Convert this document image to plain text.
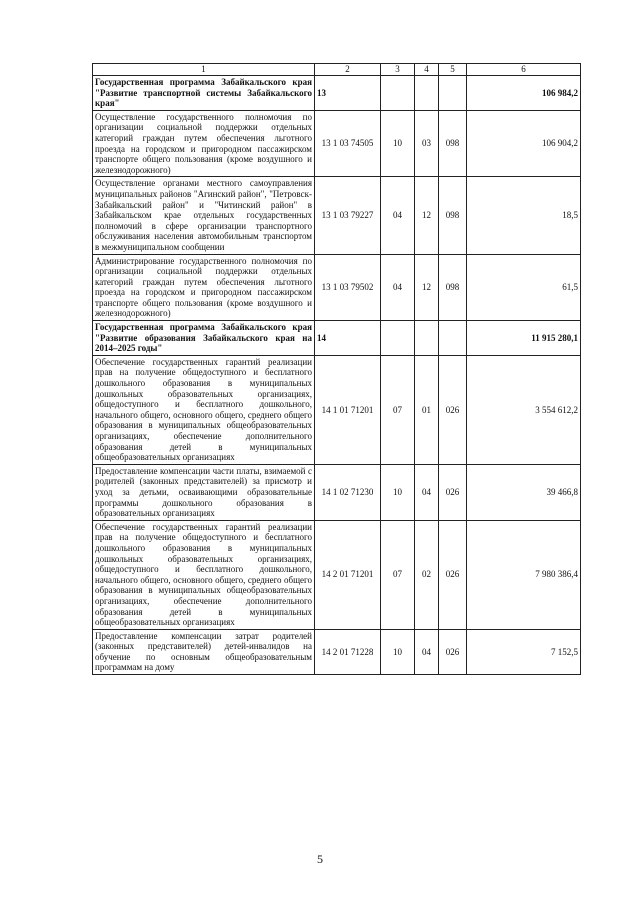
1	2	3	4	5	6
Государственная программа Забайкальского края "Развитие транспортной системы Забайкальского края"	13				106 984,2
Осуществление государственного полномочия по организации социальной поддержки отдельных категорий граждан путем обеспечения льготного проезда на городском и пригородном пассажирском транспорте общего пользования (кроме воздушного и железнодорожного)	13 1 03 74505	10	03	098	106 904,2
Осуществление органами местного самоуправления муниципальных районов "Агинский район", "Петровск-Забайкальский район" и "Читинский район" в Забайкальском крае отдельных государственных полномочий в сфере организации транспортного обслуживания населения автомобильным транспортом в межмуниципальном сообщении	13 1 03 79227	04	12	098	18,5
Администрирование государственного полномочия по организации социальной поддержки отдельных категорий граждан путем обеспечения льготного проезда на городском и пригородном пассажирском транспорте общего пользования (кроме воздушного и железнодорожного)	13 1 03 79502	04	12	098	61,5
Государственная программа Забайкальского края "Развитие образования Забайкальского края на 2014–2025 годы"	14				11 915 280,1
Обеспечение государственных гарантий реализации прав на получение общедоступного и бесплатного дошкольного образования в муниципальных дошкольных образовательных организациях, общедоступного и бесплатного дошкольного, начального общего, основного общего, среднего общего образования в муниципальных общеобразовательных организациях, обеспечение дополнительного образования детей в муниципальных общеобразовательных организациях	14 1 01 71201	07	01	026	3 554 612,2
Предоставление компенсации части платы, взимаемой с родителей (законных представителей) за присмотр и уход за детьми, осваивающими образовательные программы дошкольного образования в образовательных организациях	14 1 02 71230	10	04	026	39 466,8
Обеспечение государственных гарантий реализации прав на получение общедоступного и бесплатного дошкольного образования в муниципальных дошкольных образовательных организациях, общедоступного и бесплатного дошкольного, начального общего, основного общего, среднего общего образования в муниципальных общеобразовательных организациях, обеспечение дополнительного образования детей в муниципальных общеобразовательных организациях	14 2 01 71201	07	02	026	7 980 386,4
Предоставление компенсации затрат родителей (законных представителей) детей-инвалидов на обучение по основным общеобразовательным программам на дому	14 2 01 71228	10	04	026	7 152,5
5
